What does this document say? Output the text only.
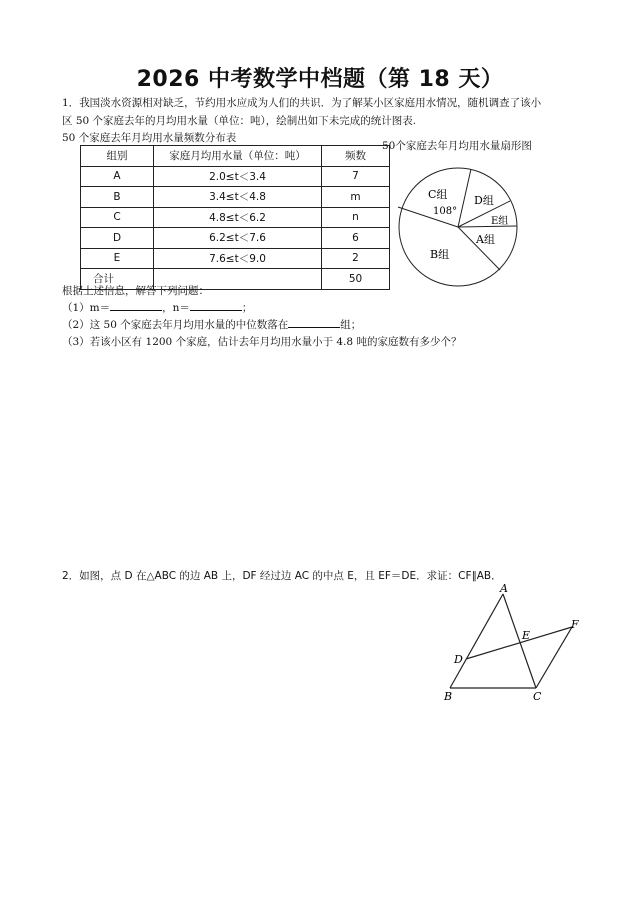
2026 中考数学中档题（第 18 天）
1．我国淡水资源相对缺乏，节约用水应成为人们的共识．为了解某小区家庭用水情况，随机调查了该小
区 50 个家庭去年的月均用水量（单位：吨），绘制出如下未完成的统计图表.
50 个家庭去年月均用水量频数分布表
组别	家庭月均用水量（单位：吨）	频数
A	2.0≤t＜3.4	7
B	3.4≤t＜4.8	m
C	4.8≤t＜6.2	n
D	6.2≤t＜7.6	6
E	7.6≤t＜9.0	2
合计		50
50个家庭去年月均用水量扇形图
C组
108°
D组
E组
A组
B组
根据上述信息，解答下列问题：
（1）m＝	，n＝	；
（2）这 50 个家庭去年月均用水量的中位数落在	组；
（3）若该小区有 1200 个家庭，估计去年月均用水量小于 4.8 吨的家庭数有多少个？
2．如图，点 D 在△ABC 的边 AB 上，DF 经过边 AC 的中点 E，且 EF＝DE．求证：CF∥AB．
A
B	C
D
E
F
